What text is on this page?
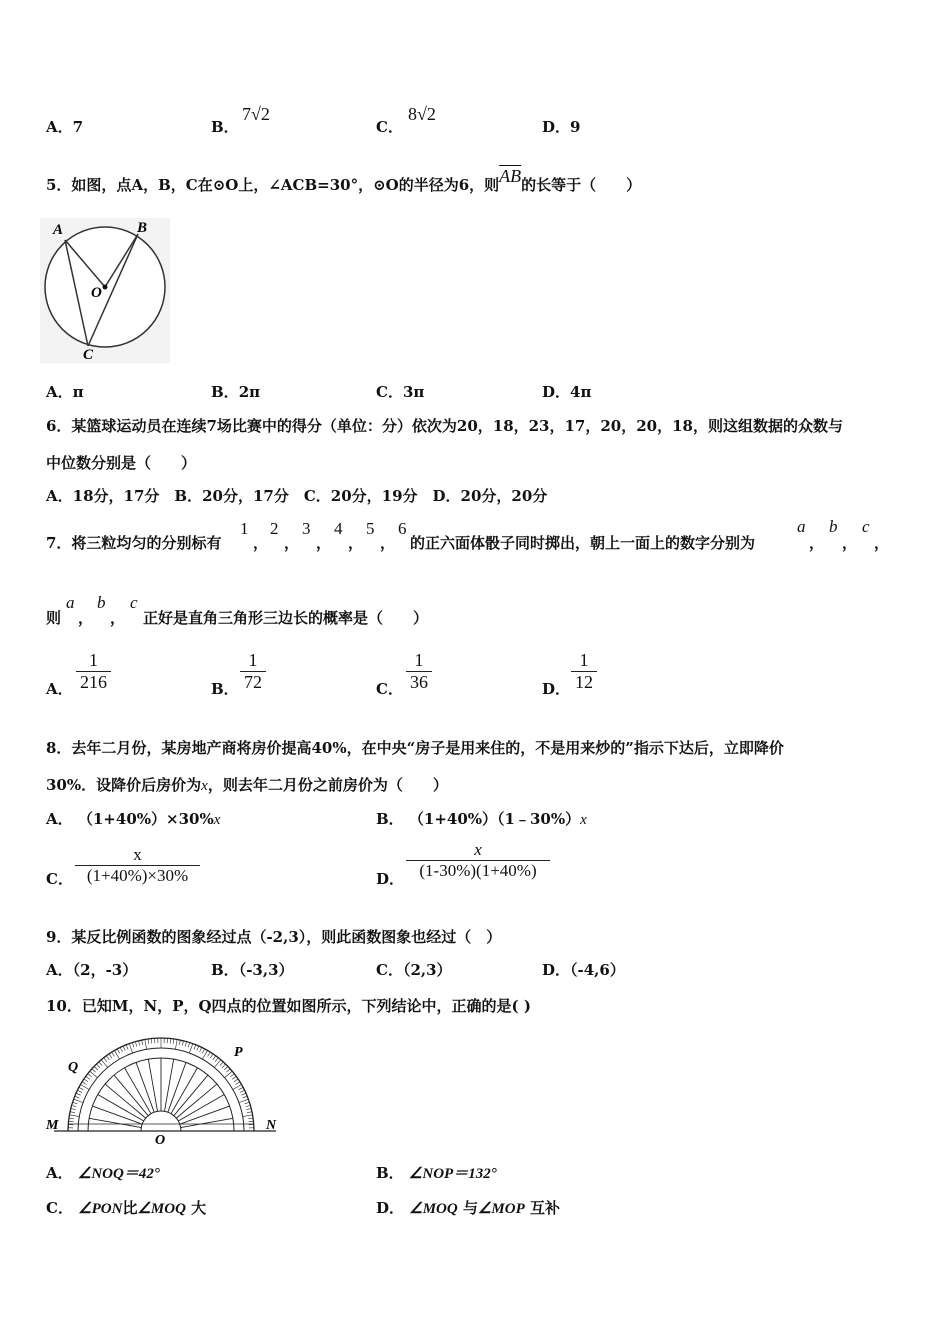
A．7	B．
7√2
C．
8√2
D．9
5．如图，点A，B，C在⊙O上，∠ACB=30°，⊙O的半径为6，则$\overline{AB}$的长等于（　　）
A	B
O
C
A．π	B．2π	C．3π	D．4π
6．某篮球运动员在连续7场比赛中的得分（单位：分）依次为20，18，23，17，20，20，18，则这组数据的众数与
中位数分别是（　　）
A．18分，17分　B．20分，17分　C．20分，19分　D．20分，20分
7．将三粒均匀的分别标有
1
，
2
，
3
，
4
，
5
，
6
的正六面体骰子同时掷出，朝上一面上的数字分别为
a
，
b
，
c
，
则
a
，
b
，
c
正好是直角三角形三边长的概率是（　　）
A．
1
216	B．
1
72	C．
1
36	D．
1
12
8．去年二月份，某房地产商将房价提高40%，在中央“房子是用来住的，不是用来炒的”指示下达后，立即降价
30%．设降价后房价为x，则去年二月份之前房价为（　　）
A． （1+40%）×30%x	B． （1+40%）（1﹣30%）x
C．
x
(1+40%)×30%	D．
x
(1-30%)(1+40%)
9．某反比例函数的图象经过点（-2,3），则此函数图象也经过（　）
A．（2，-3）	B．（-3,3）	C．（2,3）	D．（-4,6）
10．已知M，N，P，Q四点的位置如图所示，下列结论中，正确的是( )
Q
P
M	N
O
A． ∠NOQ＝42°	B． ∠NOP＝132°
C． ∠PON比∠MOQ 大	D． ∠MOQ 与∠MOP 互补
